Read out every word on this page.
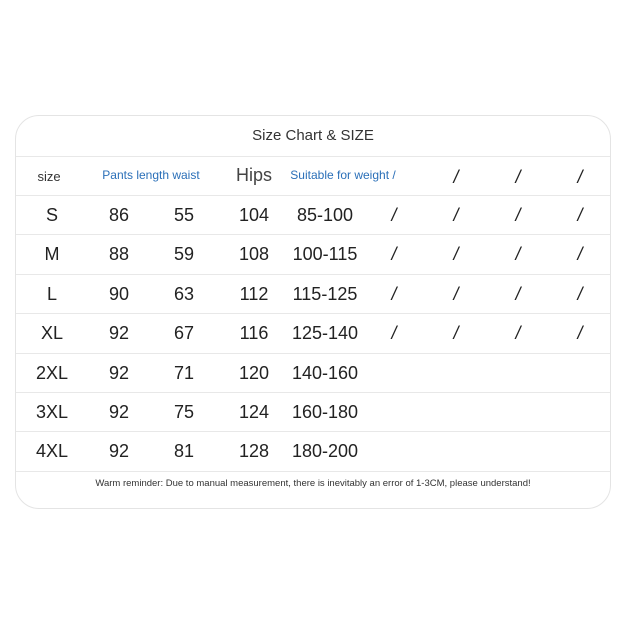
Size Chart & SIZE
size	Pants length waist	Hips	Suitable for weight /	/	/	/
S	86	55	104	85-100	/	/	/	/
M	88	59	108	100-115	/	/	/	/
L	90	63	112	115-125	/	/	/	/
XL	92	67	116	125-140	/	/	/	/
2XL	92	71	120	140-160
3XL	92	75	124	160-180
4XL	92	81	128	180-200
Warm reminder: Due to manual measurement, there is inevitably an error of 1-3CM, please understand!
